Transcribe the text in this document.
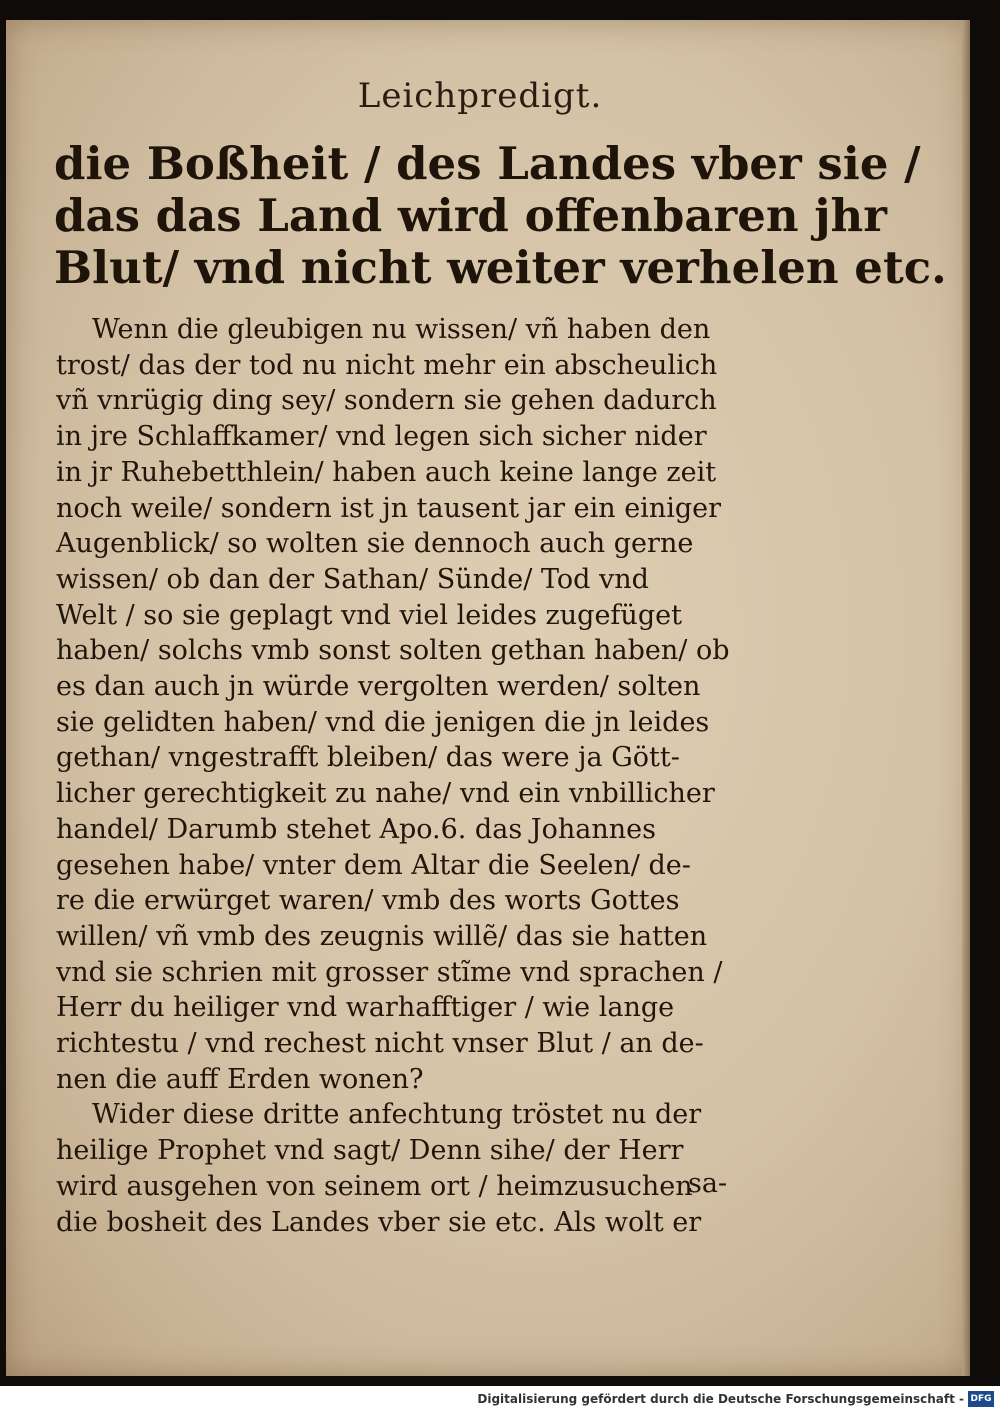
Leichpredigt.
die Boßheit / des Landes vber sie /
das das Land wird offenbaren jhr
Blut/ vnd nicht weiter verhelen etc.
Wenn die gleubigen nu wissen/ vñ haben den
trost/ das der tod nu nicht mehr ein abscheulich
vñ vnrügig ding sey/ sondern sie gehen dadurch
in jre Schlaffkamer/ vnd legen sich sicher nider
in jr Ruhebetthlein/ haben auch keine lange zeit
noch weile/ sondern ist jn tausent jar ein einiger
Augenblick/ so wolten sie dennoch auch gerne
wissen/ ob dan der Sathan/ Sünde/ Tod vnd
Welt / so sie geplagt vnd viel leides zugefüget
haben/ solchs vmb sonst solten gethan haben/ ob
es dan auch jn würde vergolten werden/ solten
sie gelidten haben/ vnd die jenigen die jn leides
gethan/ vngestrafft bleiben/ das were ja Gött-
licher gerechtigkeit zu nahe/ vnd ein vnbillicher
handel/ Darumb stehet Apo.6. das Johannes
gesehen habe/ vnter dem Altar die Seelen/ de-
re die erwürget waren/ vmb des worts Gottes
willen/ vñ vmb des zeugnis willẽ/ das sie hatten
vnd sie schrien mit grosser stĩme vnd sprachen /
Herr du heiliger vnd warhafftiger / wie lange
richtestu / vnd rechest nicht vnser Blut / an de-
nen die auff Erden wonen?
Wider diese dritte anfechtung tröstet nu der
heilige Prophet vnd sagt/ Denn sihe/ der Herr
wird ausgehen von seinem ort / heimzusuchen
die bosheit des Landes vber sie etc. Als wolt er
sa-
Digitalisierung gefördert durch die Deutsche Forschungsgemeinschaft - DFG
